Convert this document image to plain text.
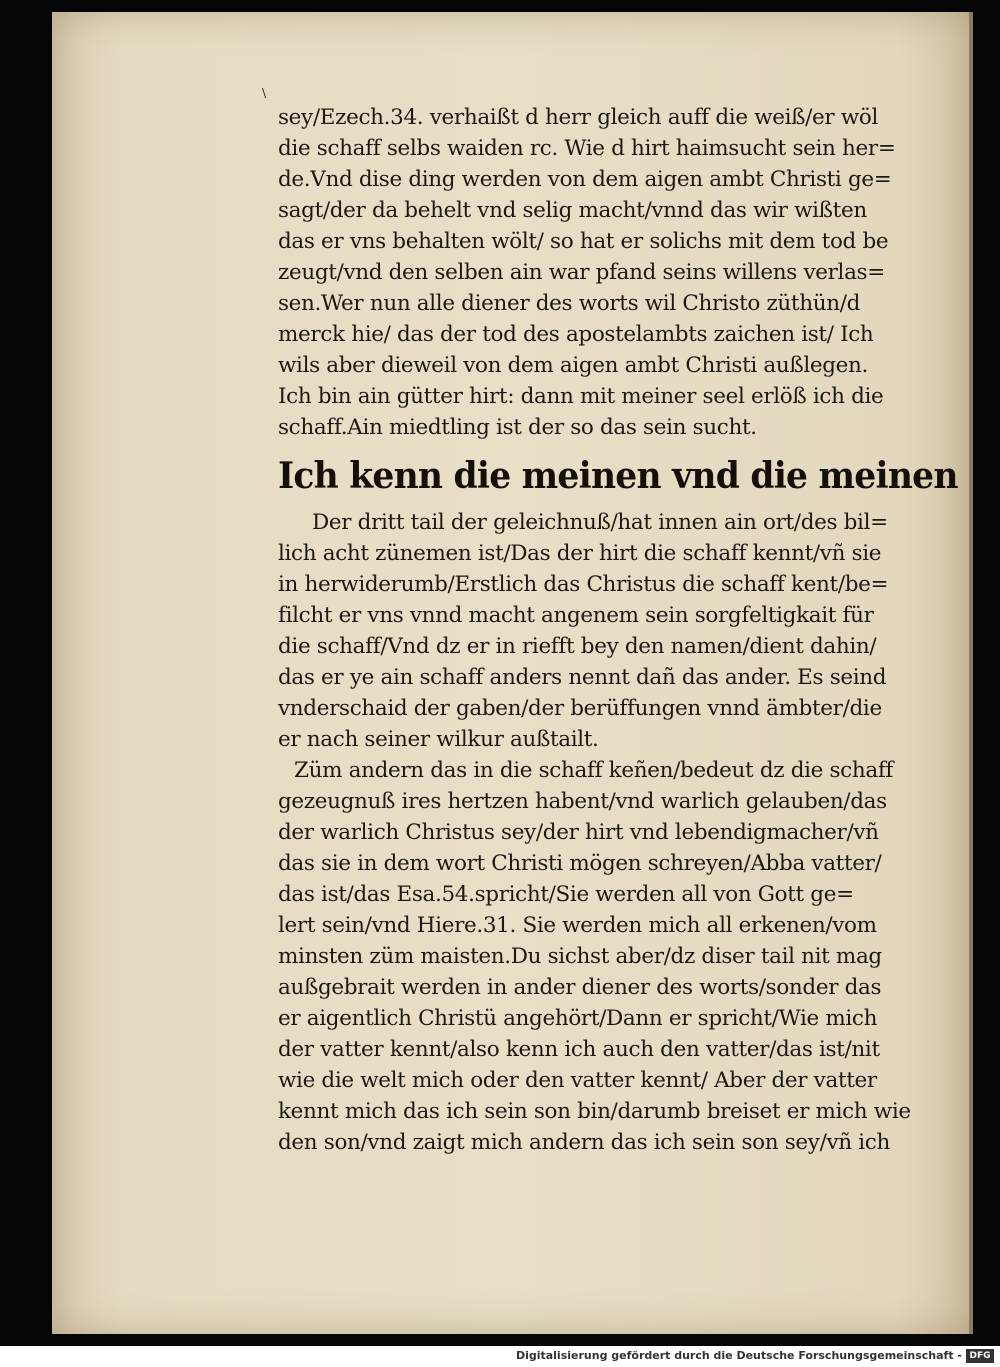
\
sey/Ezech.34. verhaißt d herr gleich auff die weiß/er wöl
die schaff selbs waiden rc. Wie d hirt haimsucht sein her=
de.Vnd dise ding werden von dem aigen ambt Christi ge=
sagt/der da behelt vnd selig macht/vnnd das wir wißten
das er vns behalten wölt/ so hat er solichs mit dem tod be
zeugt/vnd den selben ain war pfand seins willens verlas=
sen.Wer nun alle diener des worts wil Christo züthün/d
merck hie/ das der tod des apostelambts zaichen ist/ Ich
wils aber dieweil von dem aigen ambt Christi außlegen.
Ich bin ain gütter hirt: dann mit meiner seel erlöß ich die
schaff.Ain miedtling ist der so das sein sucht.
Ich kenn die meinen vnd die meinen
Der dritt tail der geleichnuß/hat innen ain ort/des bil=
lich acht zünemen ist/Das der hirt die schaff kennt/vñ sie
in herwiderumb/Erstlich das Christus die schaff kent/be=
filcht er vns vnnd macht angenem sein sorgfeltigkait für
die schaff/Vnd dz er in riefft bey den namen/dient dahin/
das er ye ain schaff anders nennt dañ das ander. Es seind
vnderschaid der gaben/der berüffungen vnnd ämbter/die
er nach seiner wilkur außtailt.
Züm andern das in die schaff keñen/bedeut dz die schaff
gezeugnuß ires hertzen habent/vnd warlich gelauben/das
der warlich Christus sey/der hirt vnd lebendigmacher/vñ
das sie in dem wort Christi mögen schreyen/Abba vatter/
das ist/das Esa.54.spricht/Sie werden all von Gott ge=
lert sein/vnd Hiere.31. Sie werden mich all erkenen/vom
minsten züm maisten.Du sichst aber/dz diser tail nit mag
außgebrait werden in ander diener des worts/sonder das
er aigentlich Christü angehört/Dann er spricht/Wie mich
der vatter kennt/also kenn ich auch den vatter/das ist/nit
wie die welt mich oder den vatter kennt/ Aber der vatter
kennt mich das ich sein son bin/darumb breiset er mich wie
den son/vnd zaigt mich andern das ich sein son sey/vñ ich
Digitalisierung gefördert durch die Deutsche Forschungsgemeinschaft - DFG
